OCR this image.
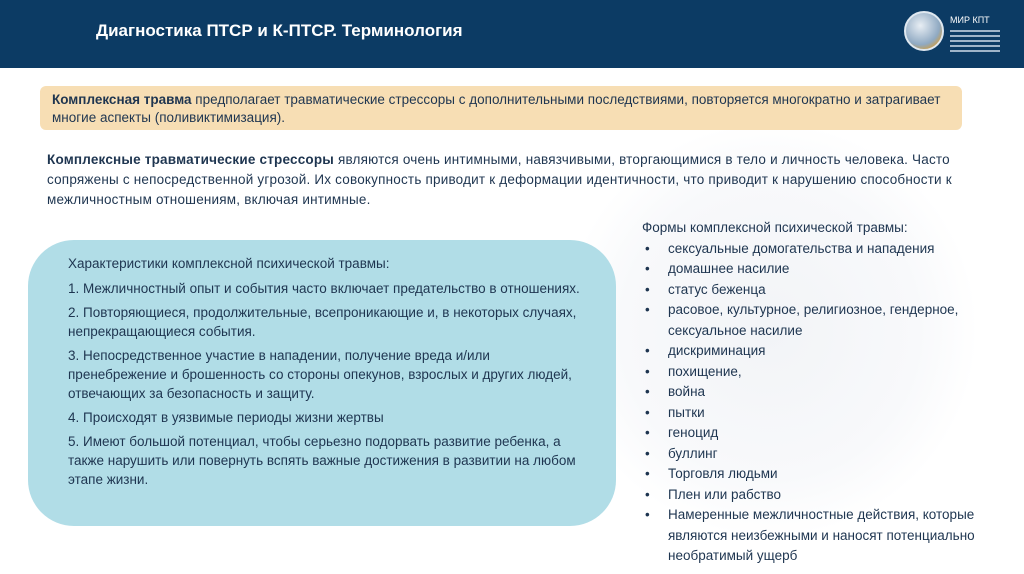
Диагностика ПТСР и К-ПТСР. Терминология
МИР КПТ
Комплексная травма предполагает травматические стрессоры с дополнительными последствиями, повторяется многократно и затрагивает многие аспекты (поливиктимизация).
Комплексные травматические стрессоры являются очень интимными, навязчивыми, вторгающимися в тело и личность человека. Часто сопряжены с непосредственной угрозой. Их совокупность приводит к деформации идентичности, что приводит к нарушению способности к межличностным отношениям, включая интимные.
Характеристики комплексной психической травмы:
1. Межличностный опыт и события часто включает предательство в отношениях.
2. Повторяющиеся, продолжительные, всепроникающие и, в некоторых случаях, непрекращающиеся события.
3. Непосредственное участие в нападении, получение вреда и/или пренебрежение и брошенность со стороны опекунов, взрослых и других людей, отвечающих за безопасность и защиту.
4. Происходят в уязвимые периоды жизни жертвы
5. Имеют большой потенциал, чтобы серьезно подорвать развитие ребенка, а также нарушить или повернуть вспять важные достижения в развитии на любом этапе жизни.
Формы комплексной психической травмы:
• сексуальные домогательства и нападения
• домашнее насилие
• статус беженца
• расовое, культурное, религиозное, гендерное, сексуальное насилие
• дискриминация
• похищение,
• война
• пытки
• геноцид
• буллинг
• Торговля людьми
• Плен или рабство
• Намеренные межличностные действия, которые являются неизбежными и наносят потенциально необратимый ущерб
